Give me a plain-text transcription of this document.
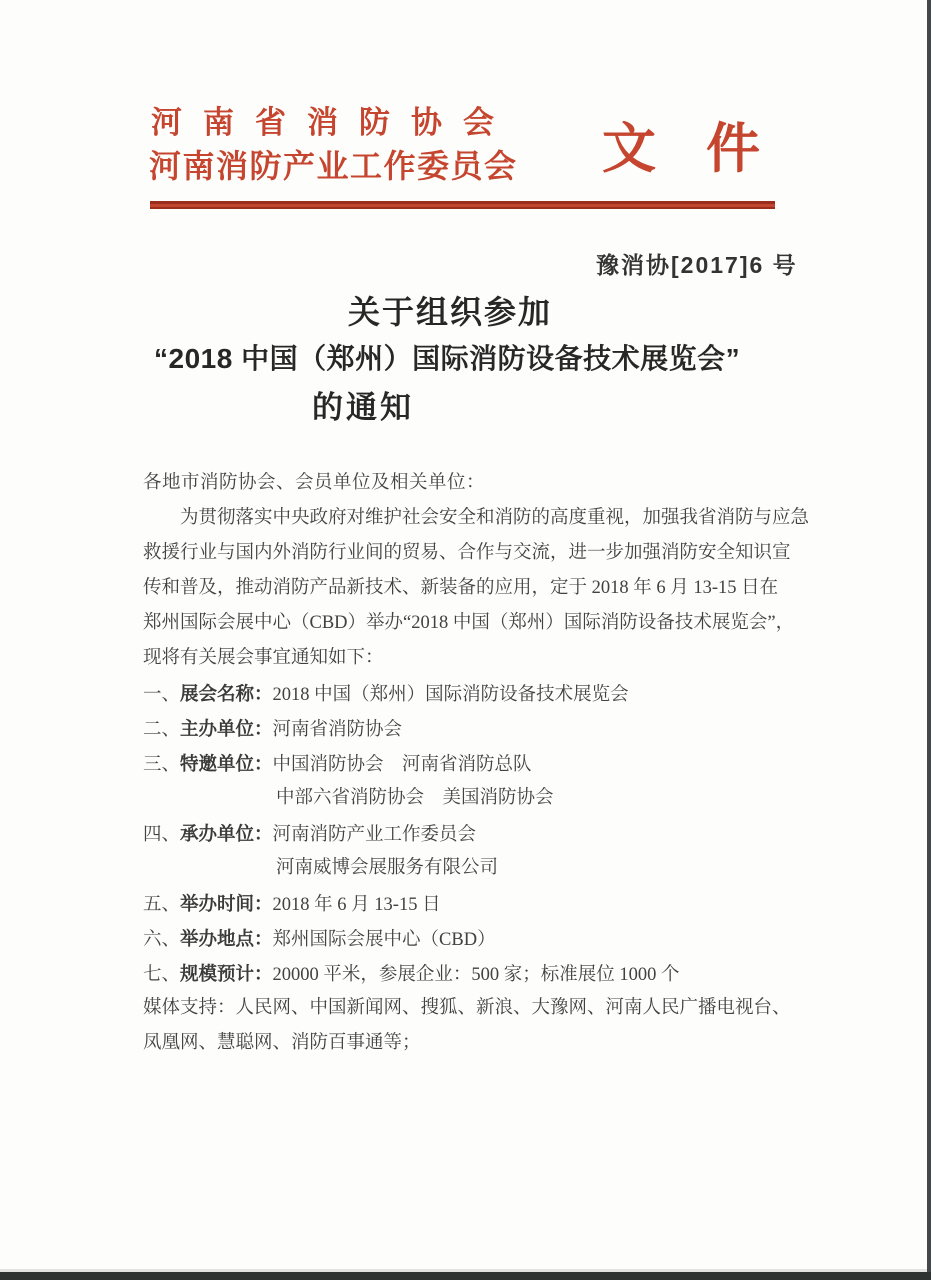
河南省消防协会
河南消防产业工作委员会 文件
豫消协[2017]6 号
关于组织参加
“2018 中国（郑州）国际消防设备技术展览会”
的通知
各地市消防协会、会员单位及相关单位：
为贯彻落实中央政府对维护社会安全和消防的高度重视，加强我省消防与应急
救援行业与国内外消防行业间的贸易、合作与交流，进一步加强消防安全知识宣
传和普及，推动消防产品新技术、新装备的应用，定于 2018 年 6 月 13-15 日在
郑州国际会展中心（CBD）举办“2018 中国（郑州）国际消防设备技术展览会”，
现将有关展会事宜通知如下：
一、展会名称：2018 中国（郑州）国际消防设备技术展览会
二、主办单位：河南省消防协会
三、特邀单位：中国消防协会　河南省消防总队
中部六省消防协会　美国消防协会
四、承办单位：河南消防产业工作委员会
河南威博会展服务有限公司
五、举办时间：2018 年 6 月 13-15 日
六、举办地点：郑州国际会展中心（CBD）
七、规模预计：20000 平米，参展企业：500 家；标准展位 1000 个
媒体支持：人民网、中国新闻网、搜狐、新浪、大豫网、河南人民广播电视台、
凤凰网、慧聪网、消防百事通等；
